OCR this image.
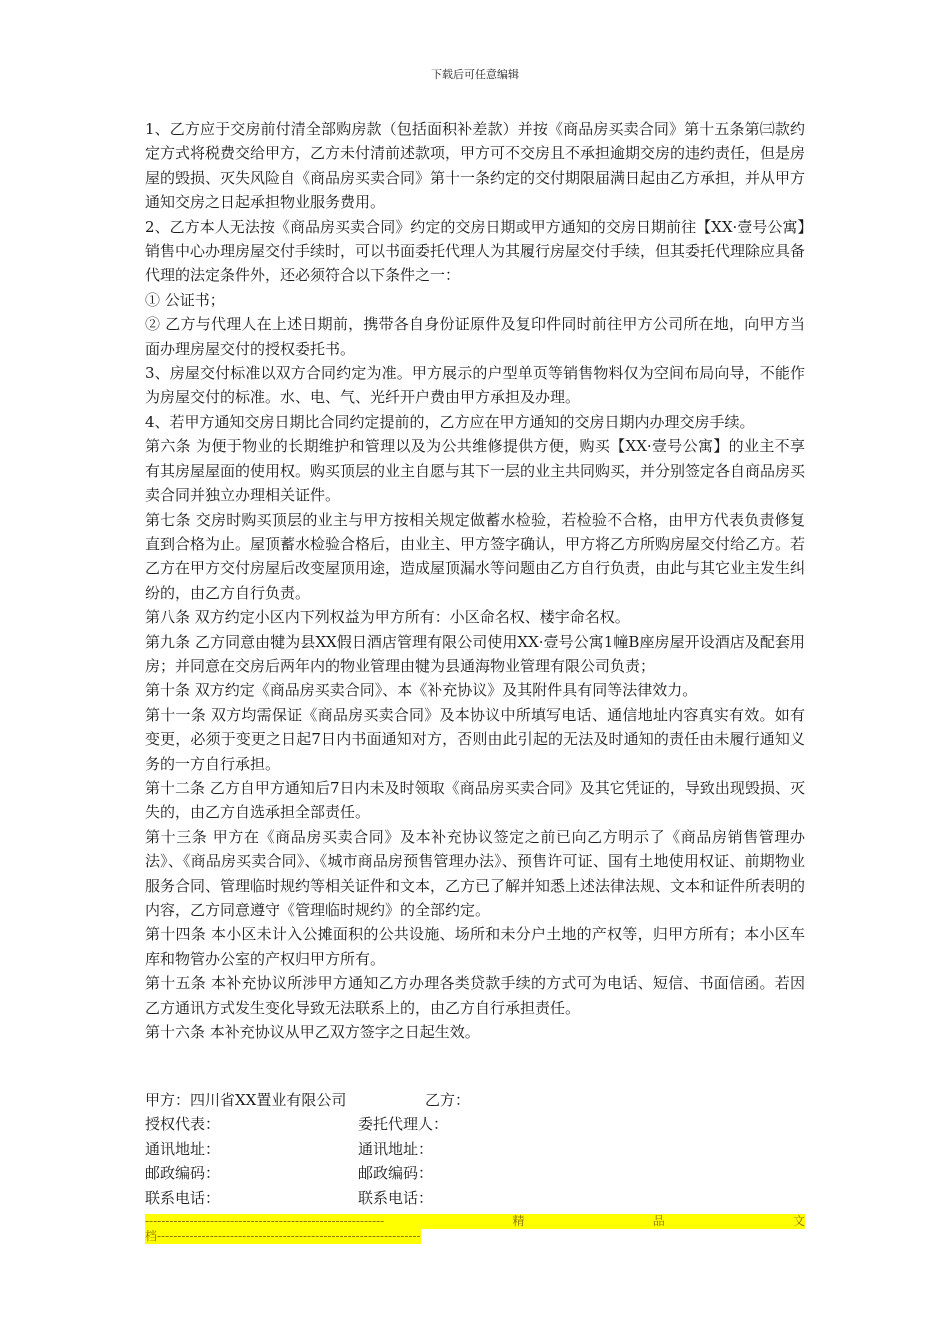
下载后可任意编辑

1、乙方应于交房前付清全部购房款（包括面积补差款）并按《商品房买卖合同》第十五条第㈢款约定方式将税费交给甲方，乙方未付清前述款项，甲方可不交房且不承担逾期交房的违约责任，但是房屋的毁损、灭失风险自《商品房买卖合同》第十一条约定的交付期限届满日起由乙方承担，并从甲方通知交房之日起承担物业服务费用。

2、乙方本人无法按《商品房买卖合同》约定的交房日期或甲方通知的交房日期前往【XX·壹号公寓】销售中心办理房屋交付手续时，可以书面委托代理人为其履行房屋交付手续，但其委托代理除应具备代理的法定条件外，还必须符合以下条件之一：

① 公证书；

② 乙方与代理人在上述日期前，携带各自身份证原件及复印件同时前往甲方公司所在地，向甲方当面办理房屋交付的授权委托书。

3、房屋交付标准以双方合同约定为准。甲方展示的户型单页等销售物料仅为空间布局向导，不能作为房屋交付的标准。水、电、气、光纤开户费由甲方承担及办理。

4、若甲方通知交房日期比合同约定提前的，乙方应在甲方通知的交房日期内办理交房手续。

第六条 为便于物业的长期维护和管理以及为公共维修提供方便，购买【XX·壹号公寓】的业主不享有其房屋屋面的使用权。购买顶层的业主自愿与其下一层的业主共同购买，并分别签定各自商品房买卖合同并独立办理相关证件。

第七条 交房时购买顶层的业主与甲方按相关规定做蓄水检验，若检验不合格，由甲方代表负责修复直到合格为止。屋顶蓄水检验合格后，由业主、甲方签字确认，甲方将乙方所购房屋交付给乙方。若乙方在甲方交付房屋后改变屋顶用途，造成屋顶漏水等问题由乙方自行负责，由此与其它业主发生纠纷的，由乙方自行负责。

第八条 双方约定小区内下列权益为甲方所有：小区命名权、楼宇命名权。

第九条 乙方同意由犍为县XX假日酒店管理有限公司使用XX·壹号公寓1幢B座房屋开设酒店及配套用房；并同意在交房后两年内的物业管理由犍为县通海物业管理有限公司负责；

第十条 双方约定《商品房买卖合同》、本《补充协议》及其附件具有同等法律效力。

第十一条 双方均需保证《商品房买卖合同》及本协议中所填写电话、通信地址内容真实有效。如有变更，必须于变更之日起7日内书面通知对方，否则由此引起的无法及时通知的责任由未履行通知义务的一方自行承担。

第十二条 乙方自甲方通知后7日内未及时领取《商品房买卖合同》及其它凭证的，导致出现毁损、灭失的，由乙方自选承担全部责任。

第十三条 甲方在《商品房买卖合同》及本补充协议签定之前已向乙方明示了《商品房销售管理办法》、《商品房买卖合同》、《城市商品房预售管理办法》、预售许可证、国有土地使用权证、前期物业服务合同、管理临时规约等相关证件和文本，乙方已了解并知悉上述法律法规、文本和证件所表明的内容，乙方同意遵守《管理临时规约》的全部约定。

第十四条 本小区未计入公摊面积的公共设施、场所和未分户土地的产权等，归甲方所有；本小区车库和物管办公室的产权归甲方所有。

第十五条 本补充协议所涉甲方通知乙方办理各类贷款手续的方式可为电话、短信、书面信函。若因乙方通讯方式发生变化导致无法联系上的，由乙方自行承担责任。

第十六条 本补充协议从甲乙双方签字之日起生效。

甲方：四川省XX置业有限公司	乙方：
授权代表：	委托代理人：
通讯地址：	通讯地址：
邮政编码：	邮政编码：
联系电话：	联系电话：
-----------------------------------------------------------	精	品	文
档-----------------------------------------------------------------
